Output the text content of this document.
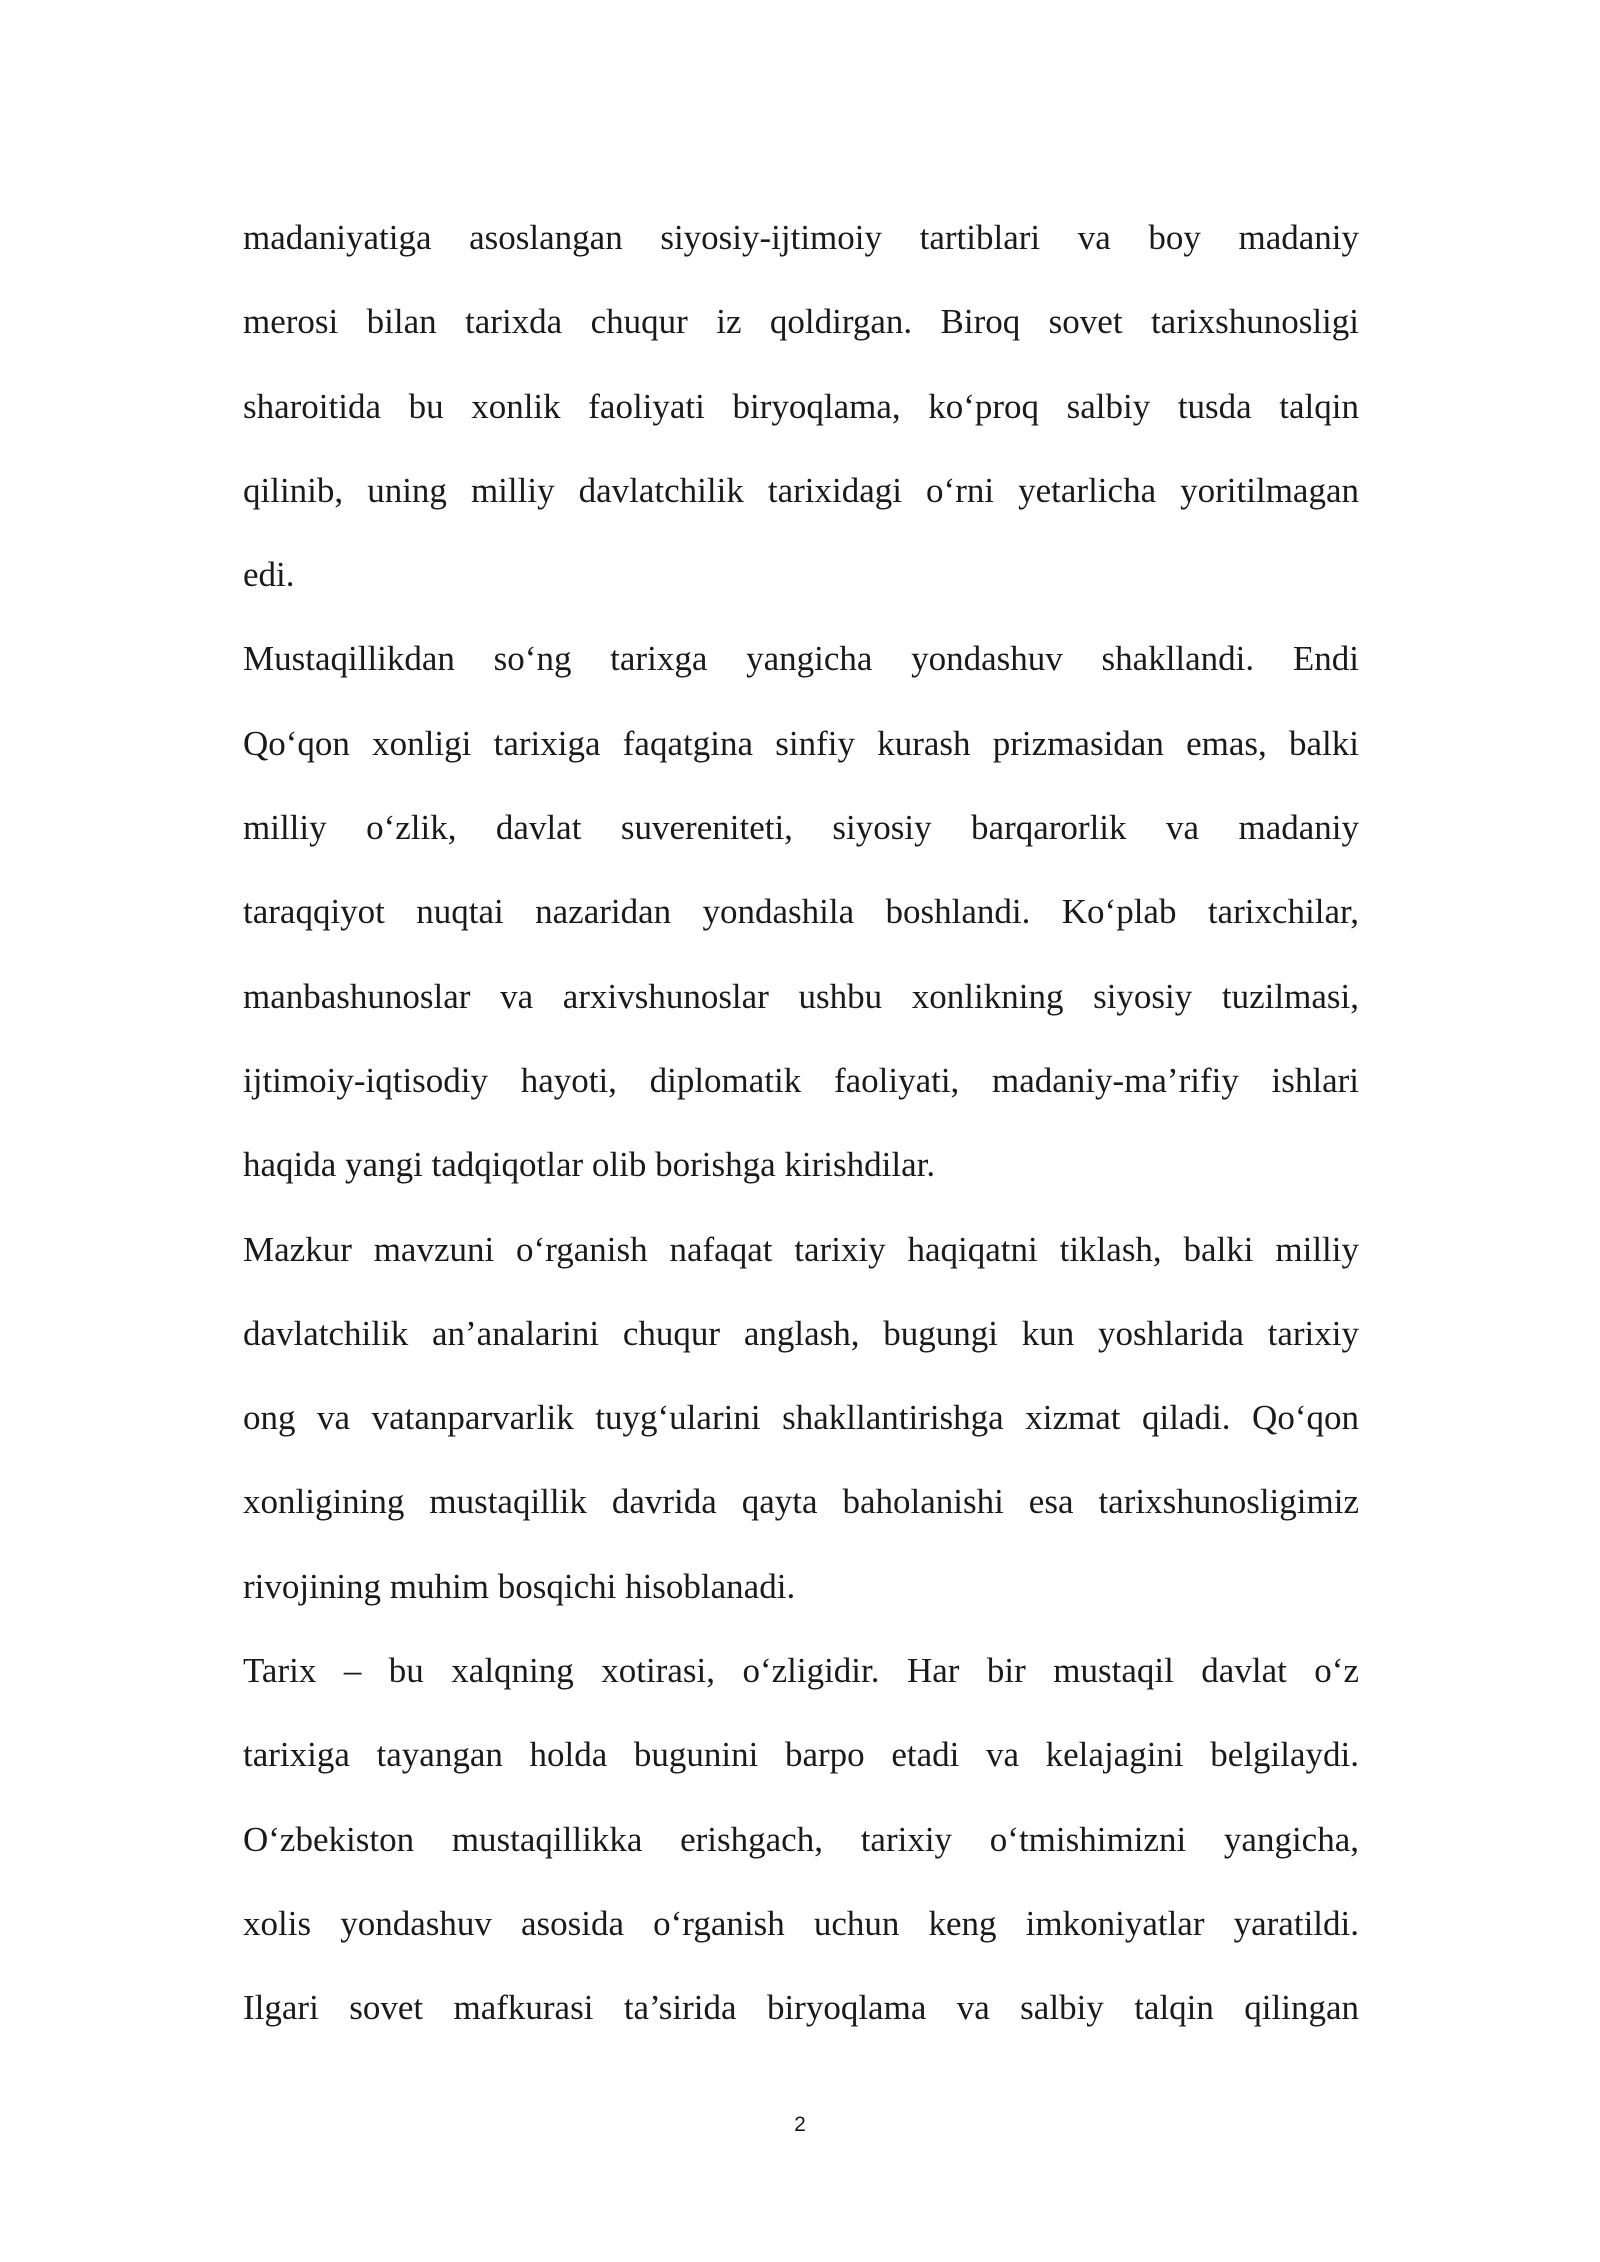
madaniyatiga asoslangan siyosiy-ijtimoiy tartiblari va boy madaniy
merosi bilan tarixda chuqur iz qoldirgan. Biroq sovet tarixshunosligi
sharoitida bu xonlik faoliyati biryoqlama, ko‘proq salbiy tusda talqin
qilinib, uning milliy davlatchilik tarixidagi o‘rni yetarlicha yoritilmagan
edi.

Mustaqillikdan so‘ng tarixga yangicha yondashuv shakllandi. Endi
Qo‘qon xonligi tarixiga faqatgina sinfiy kurash prizmasidan emas, balki
milliy o‘zlik, davlat suvereniteti, siyosiy barqarorlik va madaniy
taraqqiyot nuqtai nazaridan yondashila boshlandi. Ko‘plab tarixchilar,
manbashunoslar va arxivshunoslar ushbu xonlikning siyosiy tuzilmasi,
ijtimoiy-iqtisodiy hayoti, diplomatik faoliyati, madaniy-ma’rifiy ishlari
haqida yangi tadqiqotlar olib borishga kirishdilar.

Mazkur mavzuni o‘rganish nafaqat tarixiy haqiqatni tiklash, balki milliy
davlatchilik an’analarini chuqur anglash, bugungi kun yoshlarida tarixiy
ong va vatanparvarlik tuyg‘ularini shakllantirishga xizmat qiladi. Qo‘qon
xonligining mustaqillik davrida qayta baholanishi esa tarixshunosligimiz
rivojining muhim bosqichi hisoblanadi.

Tarix – bu xalqning xotirasi, o‘zligidir. Har bir mustaqil davlat o‘z
tarixiga tayangan holda bugunini barpo etadi va kelajagini belgilaydi.
O‘zbekiston mustaqillikka erishgach, tarixiy o‘tmishimizni yangicha,
xolis yondashuv asosida o‘rganish uchun keng imkoniyatlar yaratildi.
Ilgari sovet mafkurasi ta’sirida biryoqlama va salbiy talqin qilingan

2
